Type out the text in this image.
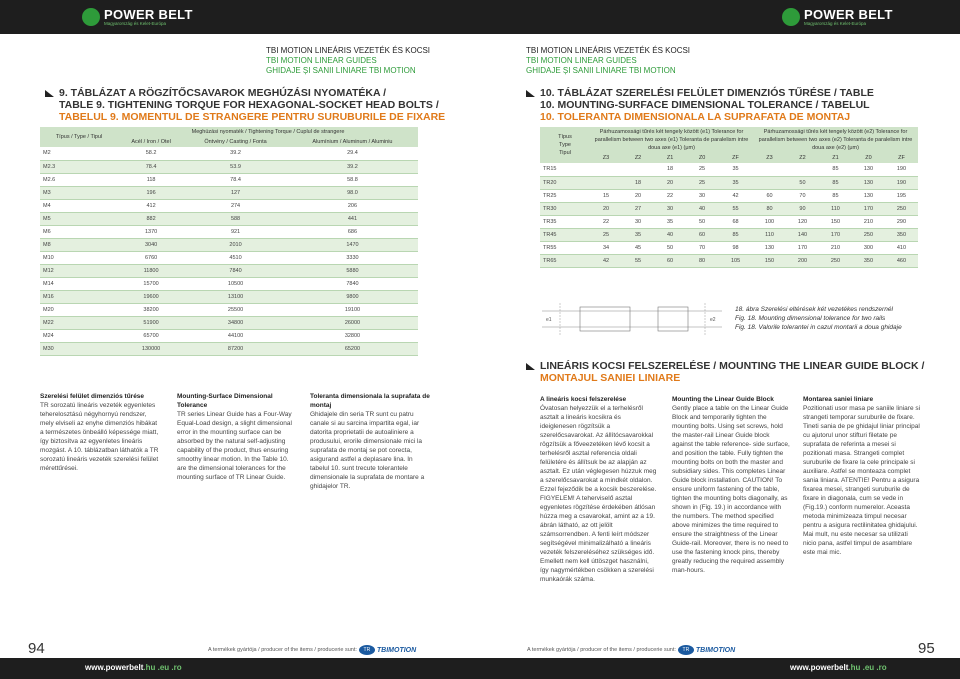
POWER BELT
Magyarország és Kelet-Európa
POWER BELT
Magyarország és Kelet-Európa
TBI MOTION LINEÁRIS VEZETÉK ÉS KOCSI
TBI MOTION LINEAR GUIDES
GHIDAJE ȘI SANII LINIARE TBI MOTION
TBI MOTION LINEÁRIS VEZETÉK ÉS KOCSI
TBI MOTION LINEAR GUIDES
GHIDAJE ȘI SANII LINIARE TBI MOTION
9. TÁBLÁZAT A RÖGZÍTŐCSAVAROK MEGHÚZÁSI NYOMATÉKA /
TABLE 9. TIGHTENING TORQUE FOR HEXAGONAL-SOCKET HEAD BOLTS /
TABELUL 9. MOMENTUL DE STRANGERE PENTRU SURUBURILE DE FIXARE
Típus / Type / Tipul	Meghúzási nyomaték / Tightening Torque / Cuplul de strangere		
	Acél / Iron / Otel	Öntvény / Casting / Fonta	Alumínium / Aluminum / Aluminiu
M2	58.2	39.2	29.4
M2.3	78.4	53.9	39.2
M2.6	118	78.4	58.8
M3	196	127	98.0
M4	412	274	206
M5	882	588	441
M6	1370	921	686
M8	3040	2010	1470
M10	6760	4510	3330
M12	11800	7840	5880
M14	15700	10500	7840
M16	19600	13100	9800
M20	38200	25500	19100
M22	51900	34800	26000
M24	65700	44100	32800
M30	130000	87200	65200
Szerelési felület dimenziós tűrése
TR sorozatú lineáris vezeték egyenletes teherelosztású négyhornyú rendszer, mely elviseli az enyhe dimenziós hibákat a természetes önbeálló képessége miatt, így biztosítva az egyenletes lineáris mozgást. A 10. táblázatban láthatók a TR sorozatú lineáris vezeték szerelési felület mérettűrései.
Mounting-Surface Dimensional Tolerance
TR series Linear Guide has a Four-Way Equal-Load design, a slight dimensional error in the mounting surface can be absorbed by the natural self-adjusting capability of the product, thus ensuring smoothy linear motion. In the Table 10. are the dimensional tolerances for the mounting surface of TR Linear Guide.
Toleranta dimensionala la suprafata de montaj
Ghidajele din seria TR sunt cu patru canale si au sarcina impartita egal, iar datorita proprietatii de autoaliniere a produsului, erorile dimensionale mici la suprafata de montaj se pot corecta, asigurand astfel a deplasare lina. In tabelul 10. sunt trecute tolerantele dimensionale la suprafata de montare a ghidajelor TR.
10. TÁBLÁZAT SZERELÉSI FELÜLET DIMENZIÓS TŰRÉSE / TABLE
10. MOUNTING-SURFACE DIMENSIONAL TOLERANCE / TABELUL
10. TOLERANTA DIMENSIONALA LA SUPRAFATA DE MONTAJ
Típus
Type
Tipul	Párhuzamossági tűrés két tengely között (e1) Tolerance for parallelism between two axes (e1) Toleranta de paralelism intre doua axe (e1) (μm)					Párhuzamossági tűrés két tengely között (e2) Tolerance for parallelism between two axes (e2) Toleranta de paralelism intre doua axe (e2) (μm)				
	Z3	Z2	Z1	Z0	ZF	Z3	Z2	Z1	Z0	ZF
TR15			18	25	35			85	130	190
TR20		18	20	25	35		50	85	130	190
TR25	15	20	22	30	42	60	70	85	130	195
TR30	20	27	30	40	55	80	90	110	170	250
TR35	22	30	35	50	68	100	120	150	210	290
TR45	25	35	40	60	85	110	140	170	250	350
TR55	34	45	50	70	98	130	170	210	300	410
TR65	42	55	60	80	105	150	200	250	350	460
e1	e2
18. ábra Szerelési eltérések két vezetékes rendszernél
Fig. 18. Mounting dimensional tolerance for two rails
Fig. 18. Valorile tolerantei in cazul montarii a doua ghidaje
LINEÁRIS KOCSI FELSZERELÉSE / MOUNTING THE LINEAR GUIDE BLOCK /
MONTAJUL SANIEI LINIARE
A lineáris kocsi felszerelése
Óvatosan helyezzük el a terhelésről asztalt a lineáris kocsikra és ideiglenesen rögzítsük a szerelőcsavarokat. Az állítócsavarokkal rögzítsük a főveezetéken lévő kocsit a terhelésről asztal referencia oldali felületére és állítsuk be az alapján az asztalt. Ez után véglegesen húzzuk meg a szerelőcsavarokat a mindkét oldalon. Ezzel fejeződik be a kocsik beszerelése. FIGYELEM! A teherviselő asztal egyenletes rögzítése érdekében átlósan húzza meg a csavarokat, amint az a 19. ábrán látható, az ott jelölt számsorrendben. A fenti leírt módszer segítségével minimalizálható a lineáris vezeték felszereléséhez szükséges idő. Emellett nem kell úttöszget használni, így nagymértékben csökken a szerelési munkaórák száma.
Mounting the Linear Guide Block
Gently place a table on the Linear Guide Block and temporarily tighten the mounting bolts. Using set screws, hold the master-rail Linear Guide block against the table reference- side surface, and position the table. Fully tighten the mounting bolts on both the master and subsidiary sides. This completes Linear Guide block installation. CAUTION! To ensure uniform fastening of the table, tighten the mounting bolts diagonally, as shown in (Fig. 19.) in accordance with the numbers. The method specified above minimizes the time required to ensure the straightness of the Linear Guide-rail. Moreover, there is no need to use the fastening knock pins, thereby greatly reducing the required assembly man-hours.
Montarea saniei liniare
Pozitionati usor masa pe saniile liniare si strangeti temporar suruburile de fixare. Tineti sania de pe ghidajul liniar principal cu ajutorul unor stifturi filetate pe suprafata de referinta a mesei si pozitionati masa. Strangeti complet suruburile de fixare la cele principale si auxiliare. Astfel se monteaza complet sania liniara. ATENTIE! Pentru a asigura fixarea mesei, strangeti suruburile de fixare in diagonala, cum se vede in (Fig.19.) conform numerelor. Aceasta metoda minimizeaza timpul necesar pentru a asigura rectilinitatea ghidajului. Mai mult, nu este necesar sa utilizati nicio pana, astfel timpul de asamblare este mai mic.
94	95
A termékek gyártója / producer of the items / producerie sunt:	TR TBIMOTION	A termékek gyártója / producer of the items / producerie sunt:	TR TBIMOTION
www.powerbelt.hu .eu .ro	www.powerbelt.hu .eu .ro
